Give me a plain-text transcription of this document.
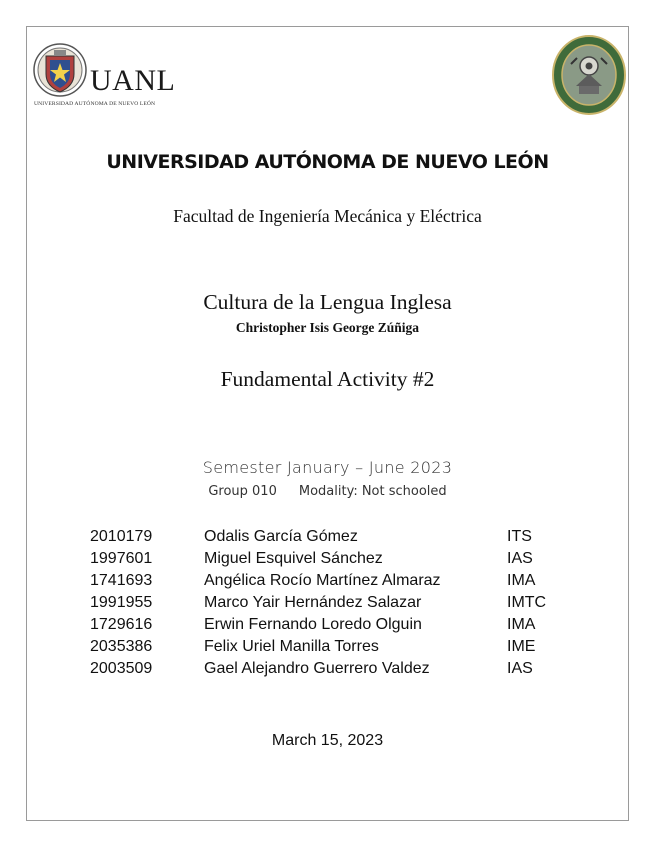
UANL
UNIVERSIDAD AUTÓNOMA DE NUEVO LEÓN
UNIVERSIDAD AUTÓNOMA DE NUEVO LEÓN
Facultad de Ingeniería Mecánica y Eléctrica
Cultura de la Lengua Inglesa
Christopher Isis George Zúñiga
Fundamental Activity #2
Semester January – June 2023
Group 010 Modality: Not schooled
2010179	Odalis García Gómez	ITS
1997601	Miguel Esquivel Sánchez	IAS
1741693	Angélica Rocío Martínez Almaraz	IMA
1991955	Marco Yair Hernández Salazar	IMTC
1729616	Erwin Fernando Loredo Olguin	IMA
2035386	Felix Uriel Manilla Torres	IME
2003509	Gael Alejandro Guerrero Valdez	IAS
March 15, 2023
